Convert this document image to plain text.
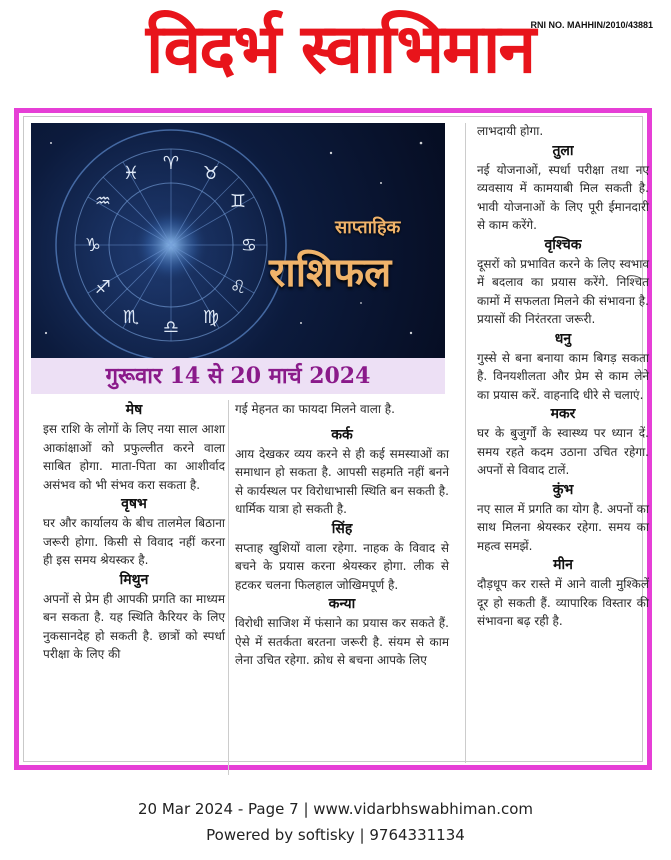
विदर्भ स्वाभिमान
RNI NO. MAHHIN/2010/43881
♈ ♉
♊
♋
♌
♍
♎
♏
♐
♑
♒
♓
साप्ताहिक
राशिफल
गुरूवार 14 से 20 मार्च 2024
मेष

इस राशि के लोगों के लिए नया साल आशा आकांक्षाओं को प्रफुल्लीत करने वाला साबित होगा. माता-पिता का आशीर्वाद असंभव को भी संभव करा सकता है.

वृषभ

घर और कार्यालय के बीच तालमेल बिठाना जरूरी होगा. किसी से विवाद नहीं करना ही इस समय श्रेयस्कर है.

मिथुन

अपनों से प्रेम ही आपकी प्रगति का माध्यम बन सकता है. यह स्थिति कैरियर के लिए नुकसानदेह हो सकती है. छात्रों को स्पर्धा परीक्षा के लिए की

गई मेहनत का फायदा मिलने वाला है.

कर्क

आय देखकर व्यय करने से ही कई समस्याओं का समाधान हो सकता है. आपसी सहमति नहीं बनने से कार्यस्थल पर विरोधाभासी स्थिति बन सकती है. धार्मिक यात्रा हो सकती है.

सिंह

सप्ताह खुशियों वाला रहेगा. नाहक के विवाद से बचने के प्रयास करना श्रेयस्कर होगा. लीक से हटकर चलना फिलहाल जोखिमपूर्ण है.

कन्या

विरोधी साजिश में फंसाने का प्रयास कर सकते हैं. ऐसे में सतर्कता बरतना जरूरी है. संयम से काम लेना उचित रहेगा. क्रोध से बचना आपके लिए

लाभदायी होगा.

तुला

नई योजनाओं, स्पर्धा परीक्षा तथा नए व्यवसाय में कामयाबी मिल सकती है. भावी योजनाओं के लिए पूरी ईमानदारी से काम करेंगे.

वृश्चिक

दूसरों को प्रभावित करने के लिए स्वभाव में बदलाव का प्रयास करेंगे. निश्चित कामों में सफलता मिलने की संभावना है. प्रयासों की निरंतरता जरूरी.

धनु

गुस्से से बना बनाया काम बिगड़ सकता है. विनयशीलता और प्रेम से काम लेने का प्रयास करें. वाहनादि धीरे से चलाएं.

मकर

घर के बुजुर्गों के स्वास्थ्य पर ध्यान दें. समय रहते कदम उठाना उचित रहेगा. अपनों से विवाद टालें.

कुंभ

नए साल में प्रगति का योग है. अपनों का साथ मिलना श्रेयस्कर रहेगा. समय का महत्व समझें.

मीन

दौड़धूप कर रास्ते में आने वाली मुश्किलें दूर हो सकती हैं. व्यापारिक विस्तार की संभावना बढ़ रही है.

20 Mar 2024 - Page 7 | www.vidarbhswabhiman.com
Powered by softisky | 9764331134
